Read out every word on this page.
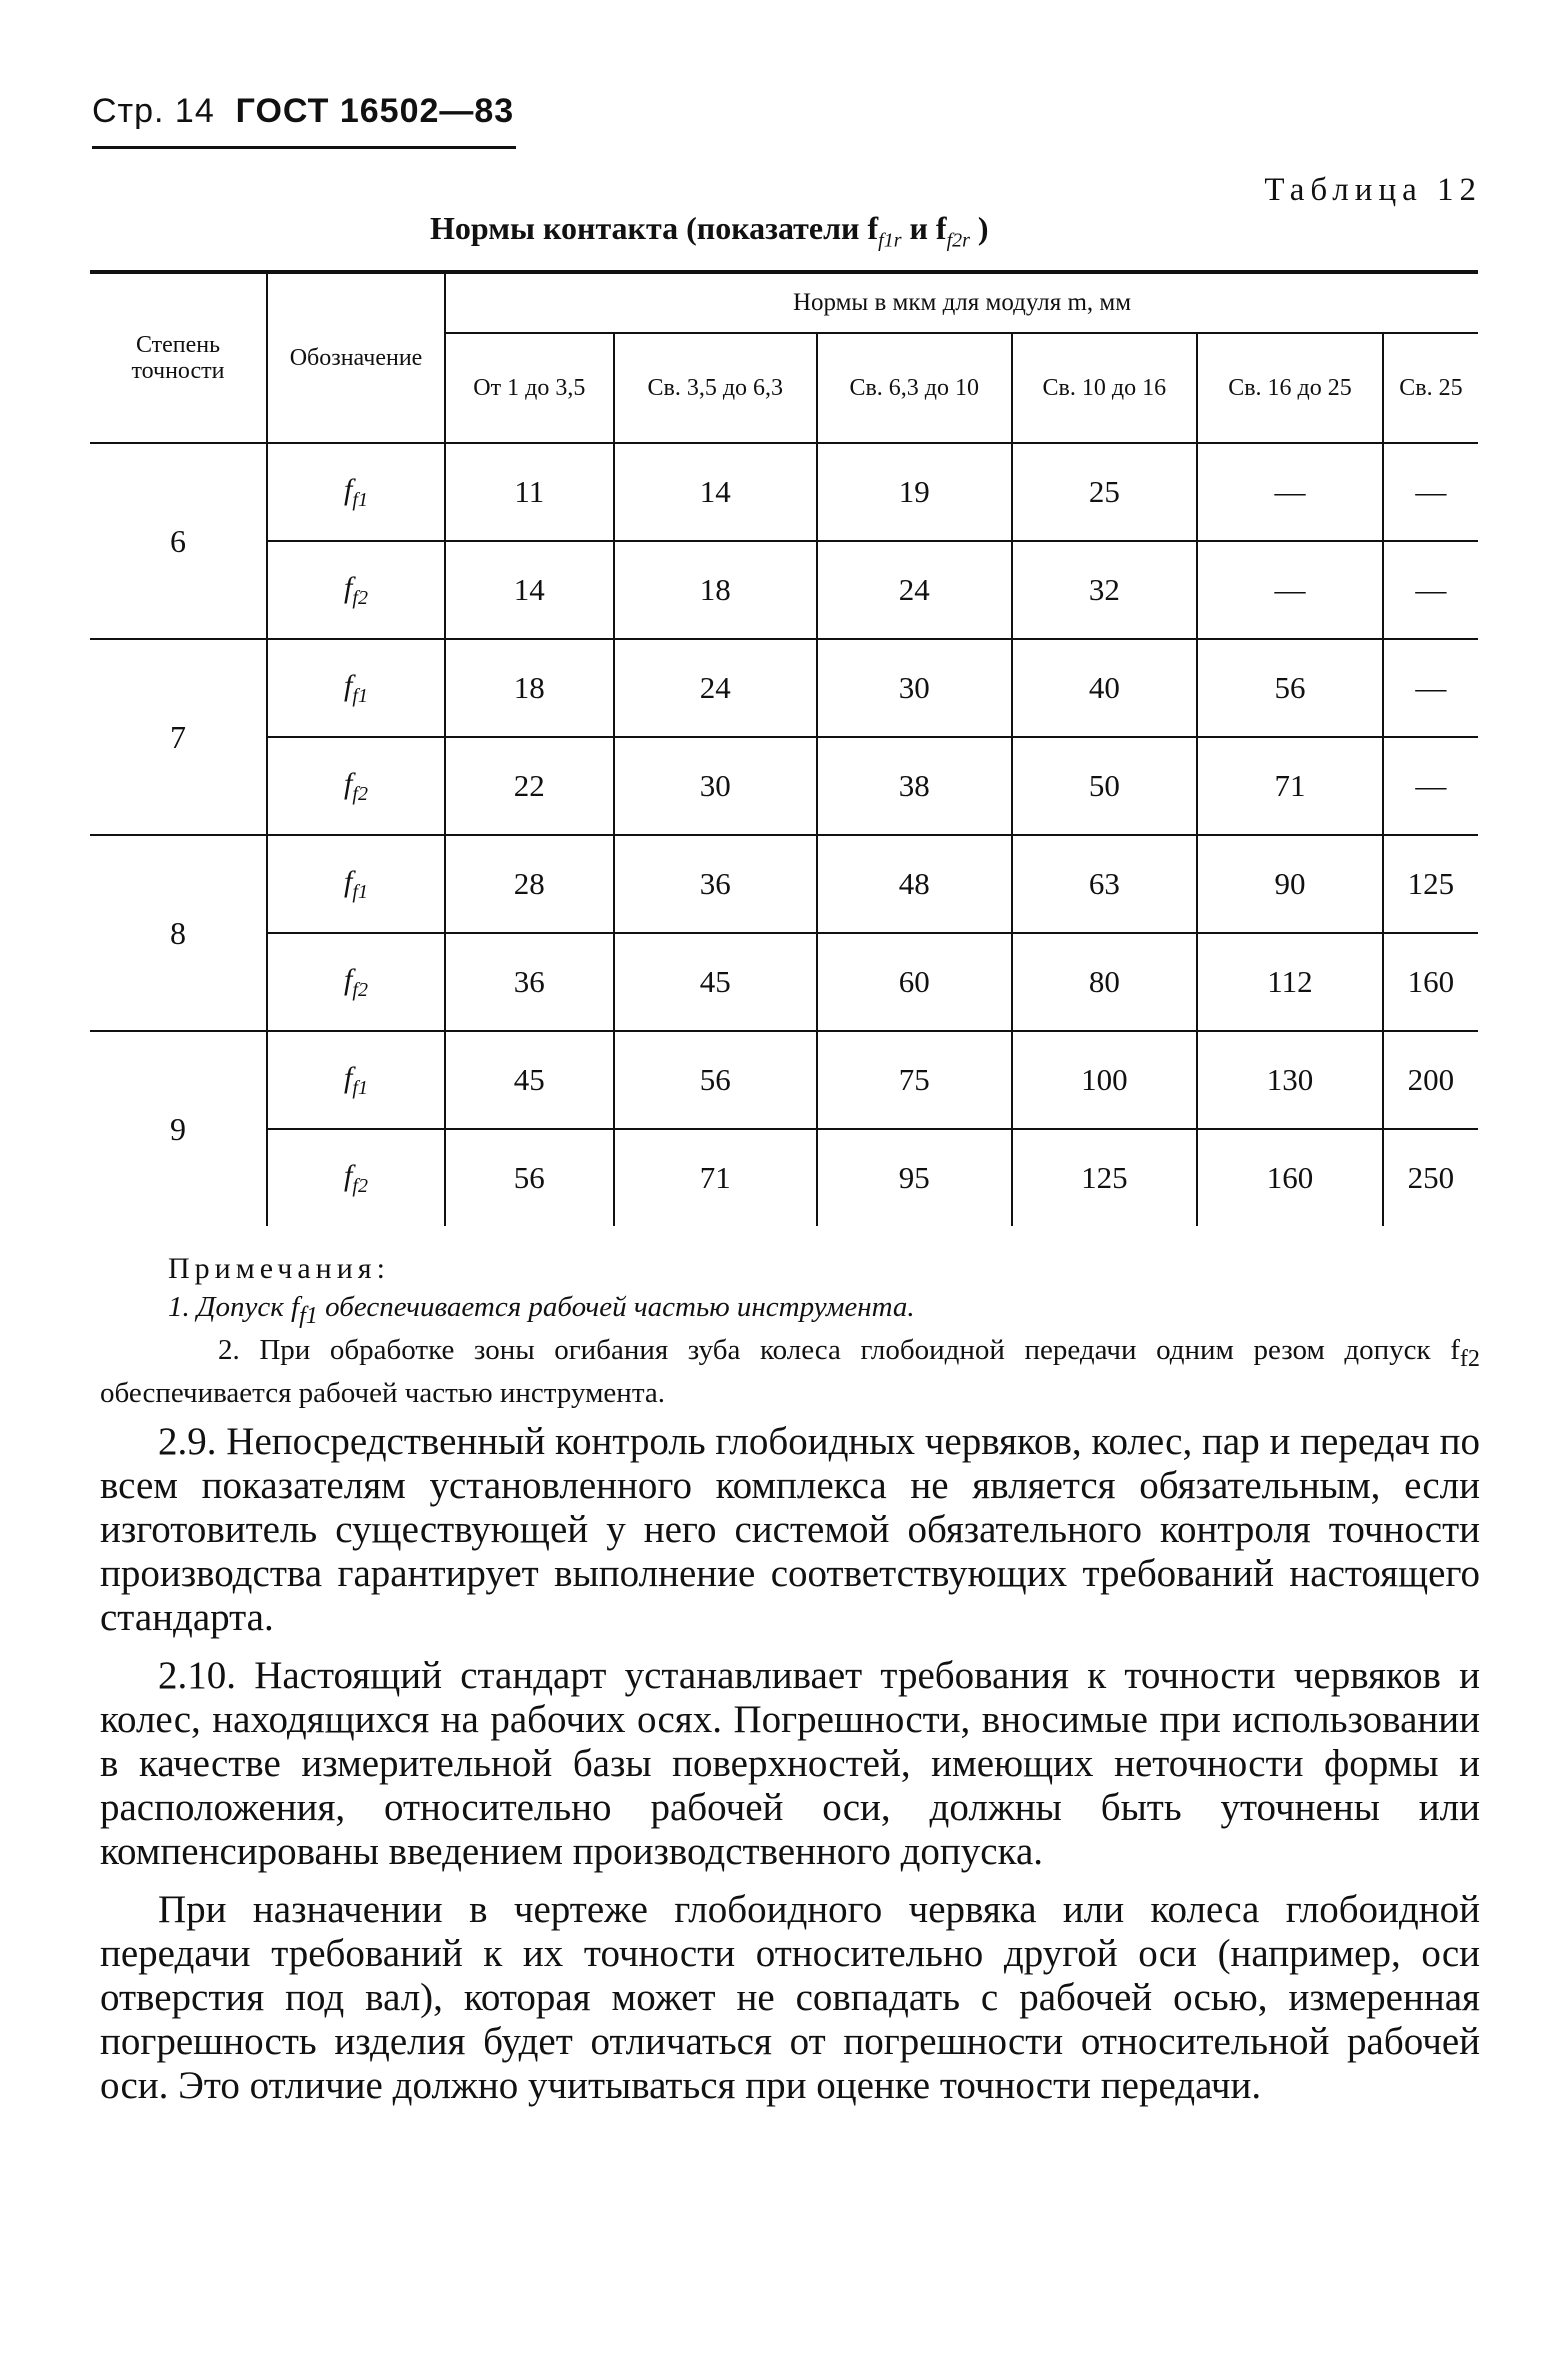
Стр. 14 ГОСТ 16502—83
Таблица 12
Нормы контакта (показатели $f_{f1r}$ и $f_{f2r}$ )
Степень точности	Обозначение	Нормы в мкм для модуля m, мм					
		От 1 до 3,5	Св. 3,5 до 6,3	Св. 6,3 до 10	Св. 10 до 16	Св. 16 до 25	Св. 25
6	$f_{f1}$	11	14	19	25	—	—
	$f_{f2}$	14	18	24	32	—	—
7	$f_{f1}$	18	24	30	40	56	—
	$f_{f2}$	22	30	38	50	71	—
8	$f_{f1}$	28	36	48	63	90	125
	$f_{f2}$	36	45	60	80	112	160
9	$f_{f1}$	45	56	75	100	130	200
	$f_{f2}$	56	71	95	125	160	250
Примечания:

1. Допуск $f_{f1}$ обеспечивается рабочей частью инструмента.

2. При обработке зоны огибания зуба колеса глобоидной передачи одним резом допуск $f_{f2}$ обеспечивается рабочей частью инструмента.

2.9. Непосредственный контроль глобоидных червяков, колес, пар и передач по всем показателям установленного комплекса не является обязательным, если изготовитель существующей у него системой обязательного контроля точности производства гарантирует выполнение соответствующих требований настоящего стандарта.

2.10. Настоящий стандарт устанавливает требования к точности червяков и колес, находящихся на рабочих осях. Погрешности, вносимые при использовании в качестве измерительной базы поверхностей, имеющих неточности формы и расположения, относительно рабочей оси, должны быть уточнены или компенсированы введением производственного допуска.

При назначении в чертеже глобоидного червяка или колеса глобоидной передачи требований к их точности относительно другой оси (например, оси отверстия под вал), которая может не совпадать с рабочей осью, измеренная погрешность изделия будет отличаться от погрешности относительной рабочей оси. Это отличие должно учитываться при оценке точности передачи.
